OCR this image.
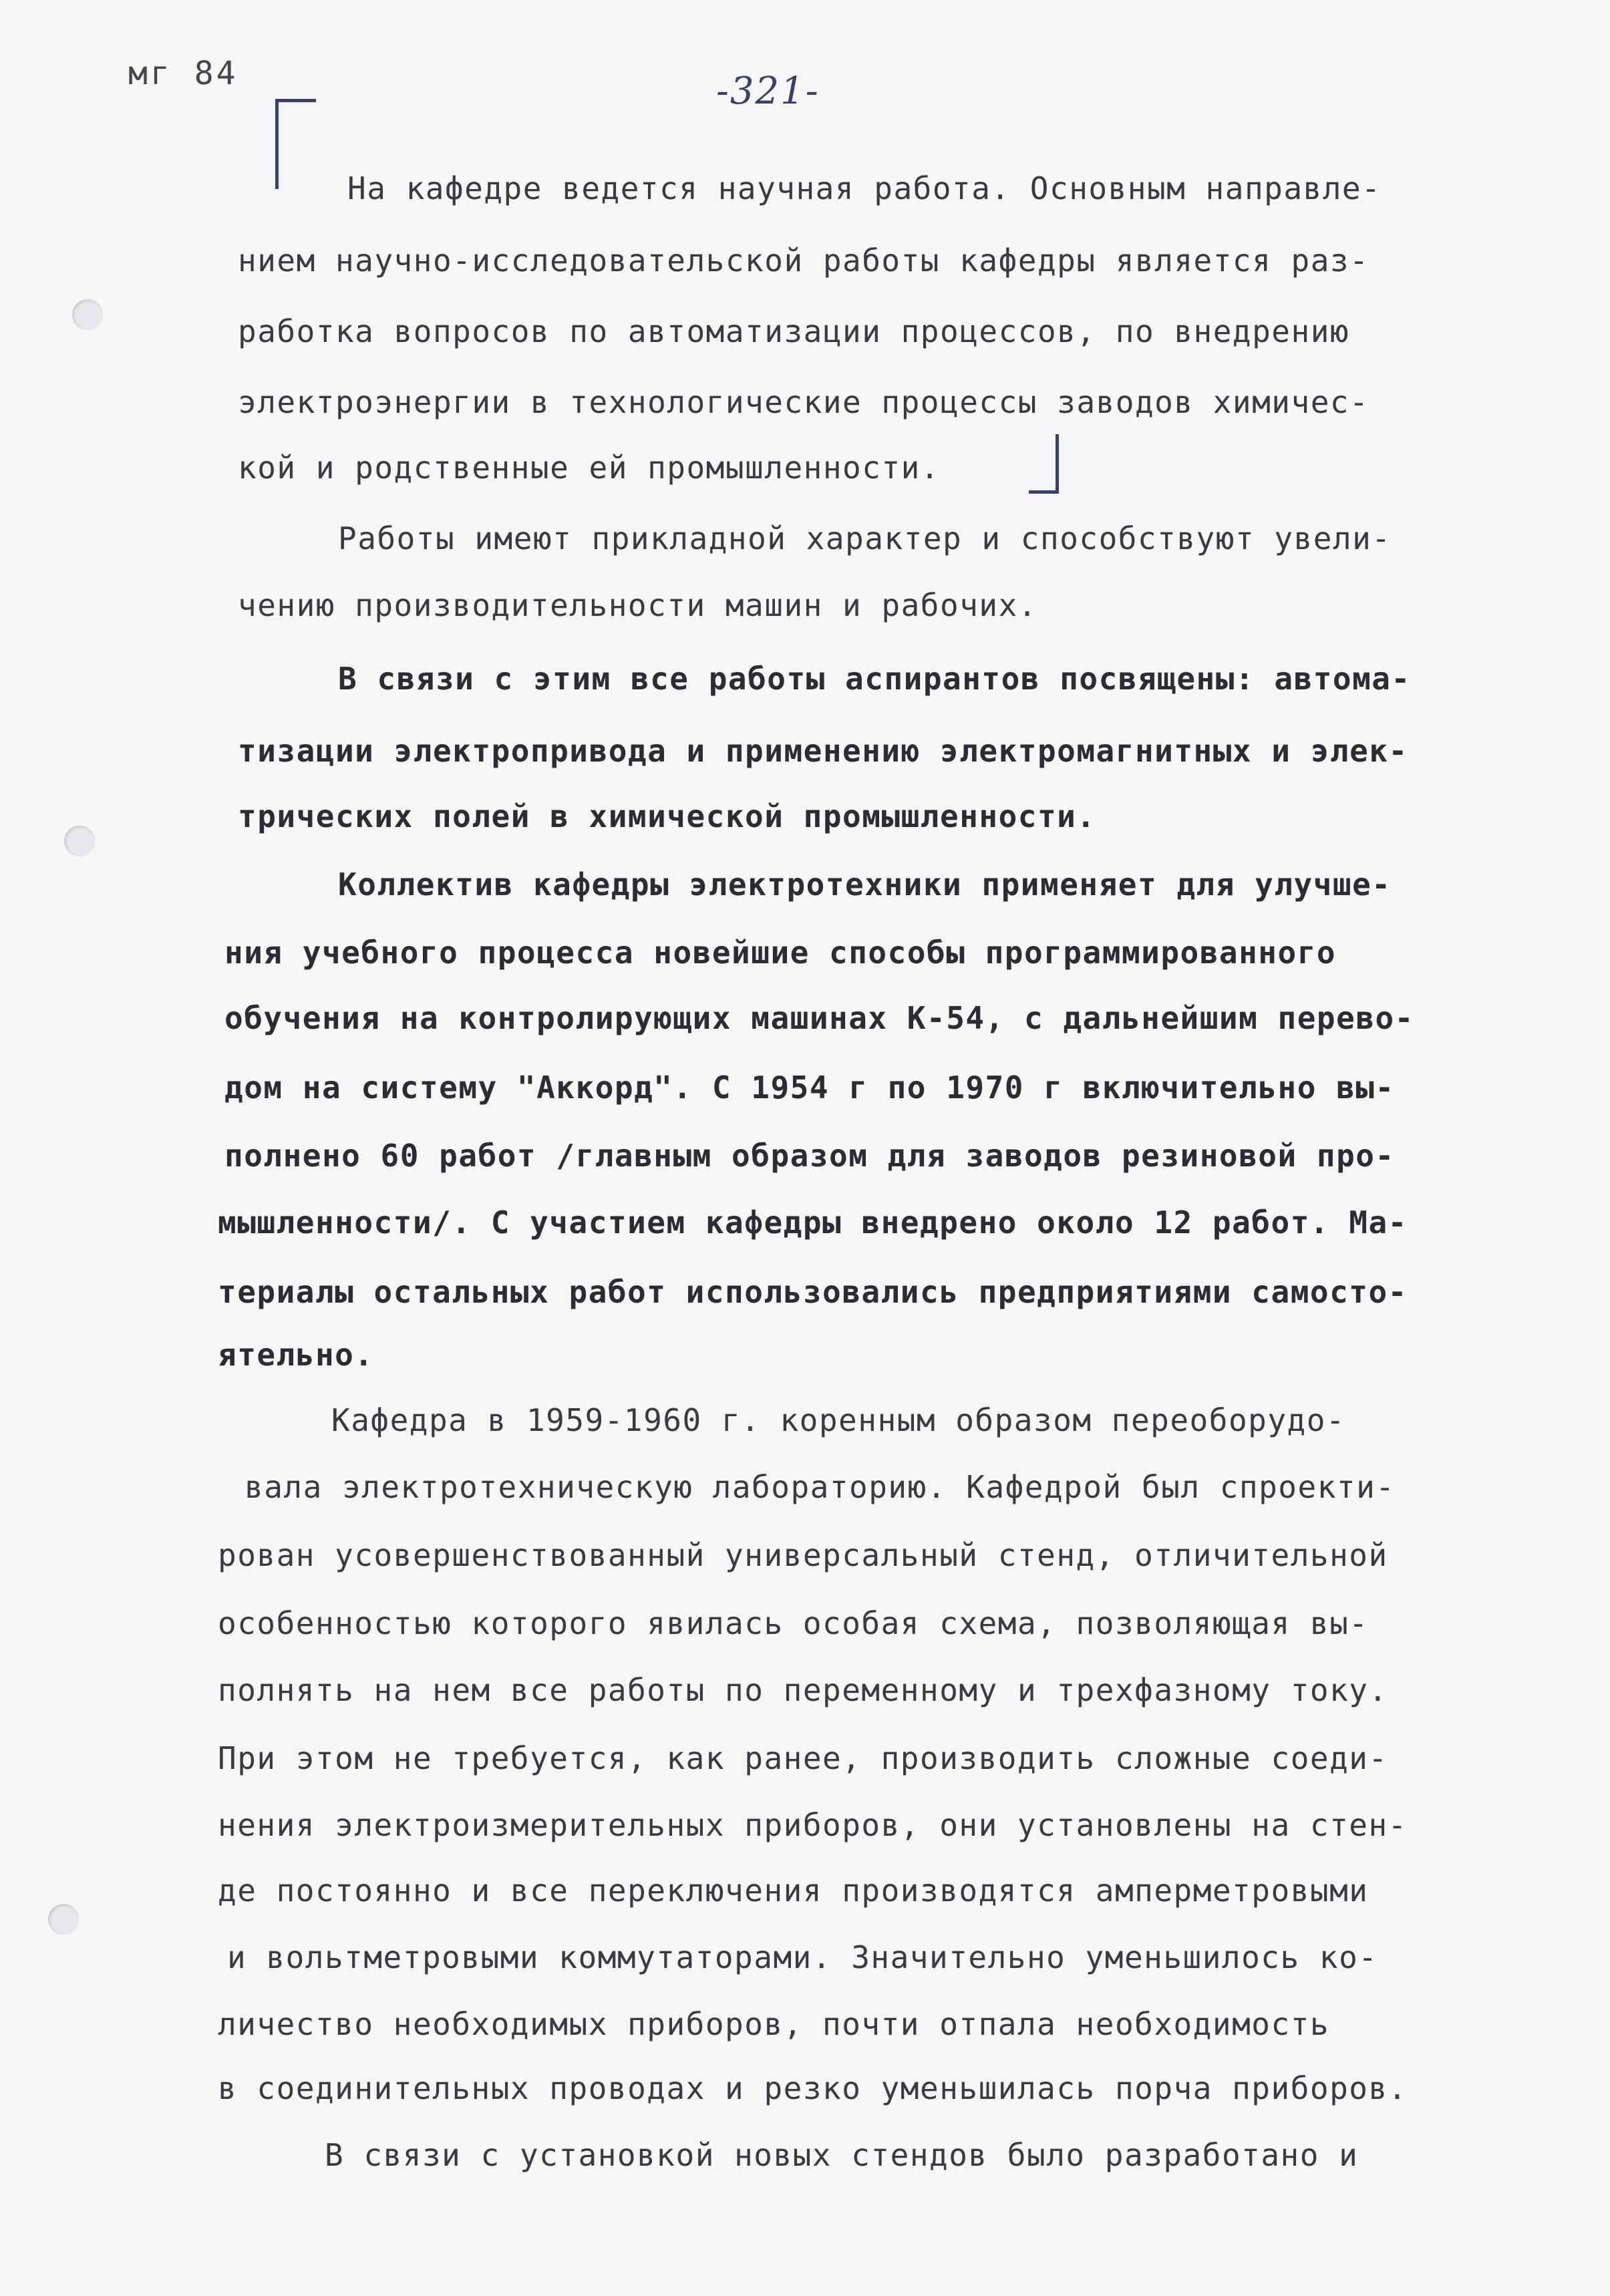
мг 84	-321-
На кафедре ведется научная работа. Основным направле-
нием научно-исследовательской работы кафедры является раз-
работка вопросов по автоматизации процессов, по внедрению
электроэнергии в технологические процессы заводов химичес-
кой и родственные ей промышленности.
Работы имеют прикладной характер и способствуют увели-
чению производительности машин и рабочих.
В связи с этим все работы аспирантов посвящены: автома-
тизации электропривода и применению электромагнитных и элек-
трических полей в химической промышленности.
Коллектив кафедры электротехники применяет для улучше-
ния учебного процесса новейшие способы программированного
обучения на контролирующих машинах К-54, с дальнейшим перево-
дом на систему "Аккорд". С 1954 г по 1970 г включительно вы-
полнено 60 работ /главным образом для заводов резиновой про-
мышленности/. С участием кафедры внедрено около 12 работ. Ма-
териалы остальных работ использовались предприятиями самосто-
ятельно.
Кафедра в 1959-1960 г. коренным образом переоборудо-
вала электротехническую лабораторию. Кафедрой был спроекти-
рован усовершенствованный универсальный стенд, отличительной
особенностью которого явилась особая схема, позволяющая вы-
полнять на нем все работы по переменному и трехфазному току.
При этом не требуется, как ранее, производить сложные соеди-
нения электроизмерительных приборов, они установлены на стен-
де постоянно и все переключения производятся амперметровыми
и вольтметровыми коммутаторами. Значительно уменьшилось ко-
личество необходимых приборов, почти отпала необходимость
в соединительных проводах и резко уменьшилась порча приборов.
В связи с установкой новых стендов было разработано и
